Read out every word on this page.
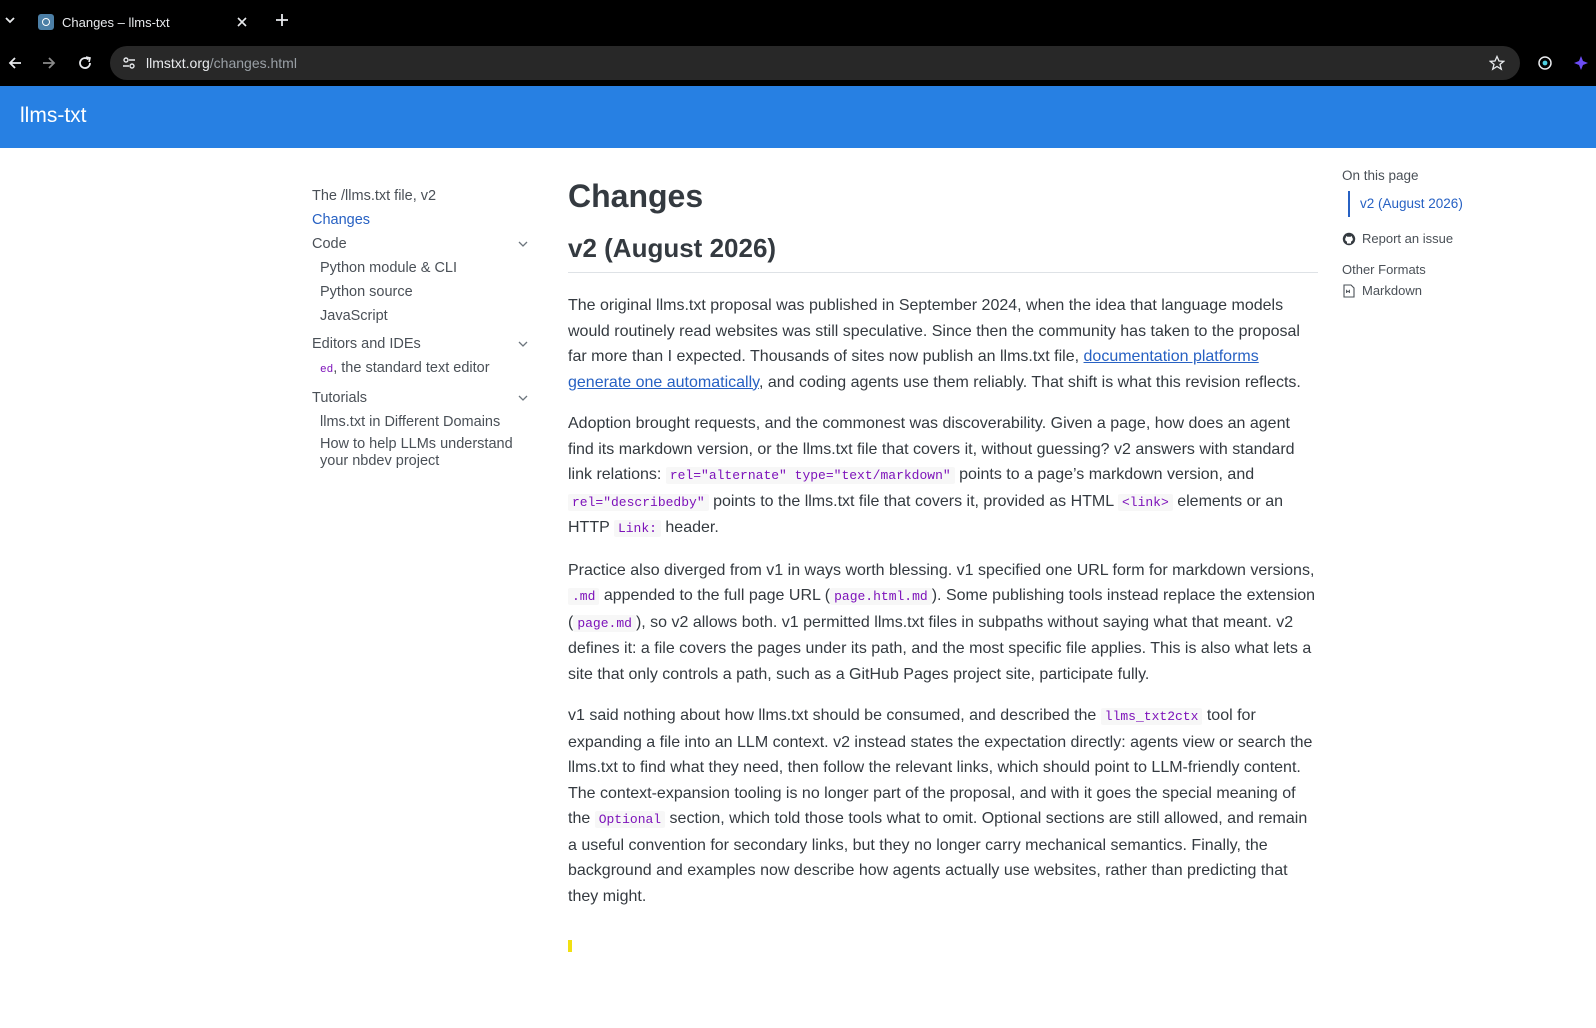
Changes – llms-txt
llmstxt.org/changes.html
llms-txt
The /llms.txt file, v2
Changes
Code
Python module & CLI
Python source
JavaScript
Editors and IDEs
ed, the standard text editor
Tutorials
llms.txt in Different Domains
How to help LLMs understand your nbdev project
Changes
v2 (August 2026)

The original llms.txt proposal was published in September 2024, when the idea that language models would routinely read websites was still speculative. Since then the community has taken to the proposal far more than I expected. Thousands of sites now publish an llms.txt file, documentation platforms generate one automatically, and coding agents use them reliably. That shift is what this revision reflects.

Adoption brought requests, and the commonest was discoverability. Given a page, how does an agent find its markdown version, or the llms.txt file that covers it, without guessing? v2 answers with standard link relations: rel="alternate" type="text/markdown" points to a page’s markdown version, and rel="describedby" points to the llms.txt file that covers it, provided as HTML <link> elements or an HTTP Link: header.

Practice also diverged from v1 in ways worth blessing. v1 specified one URL form for markdown versions, .md appended to the full page URL ( page.html.md ). Some publishing tools instead replace the extension ( page.md ), so v2 allows both. v1 permitted llms.txt files in subpaths without saying what that meant. v2 defines it: a file covers the pages under its path, and the most specific file applies. This is also what lets a site that only controls a path, such as a GitHub Pages project site, participate fully.

v1 said nothing about how llms.txt should be consumed, and described the llms_txt2ctx tool for expanding a file into an LLM context. v2 instead states the expectation directly: agents view or search the llms.txt to find what they need, then follow the relevant links, which should point to LLM-friendly content. The context-expansion tooling is no longer part of the proposal, and with it goes the special meaning of the Optional section, which told those tools what to omit. Optional sections are still allowed, and remain a useful convention for secondary links, but they no longer carry mechanical semantics. Finally, the background and examples now describe how agents actually use websites, rather than predicting that they might.

On this page
v2 (August 2026)
Report an issue
Other Formats
Markdown
